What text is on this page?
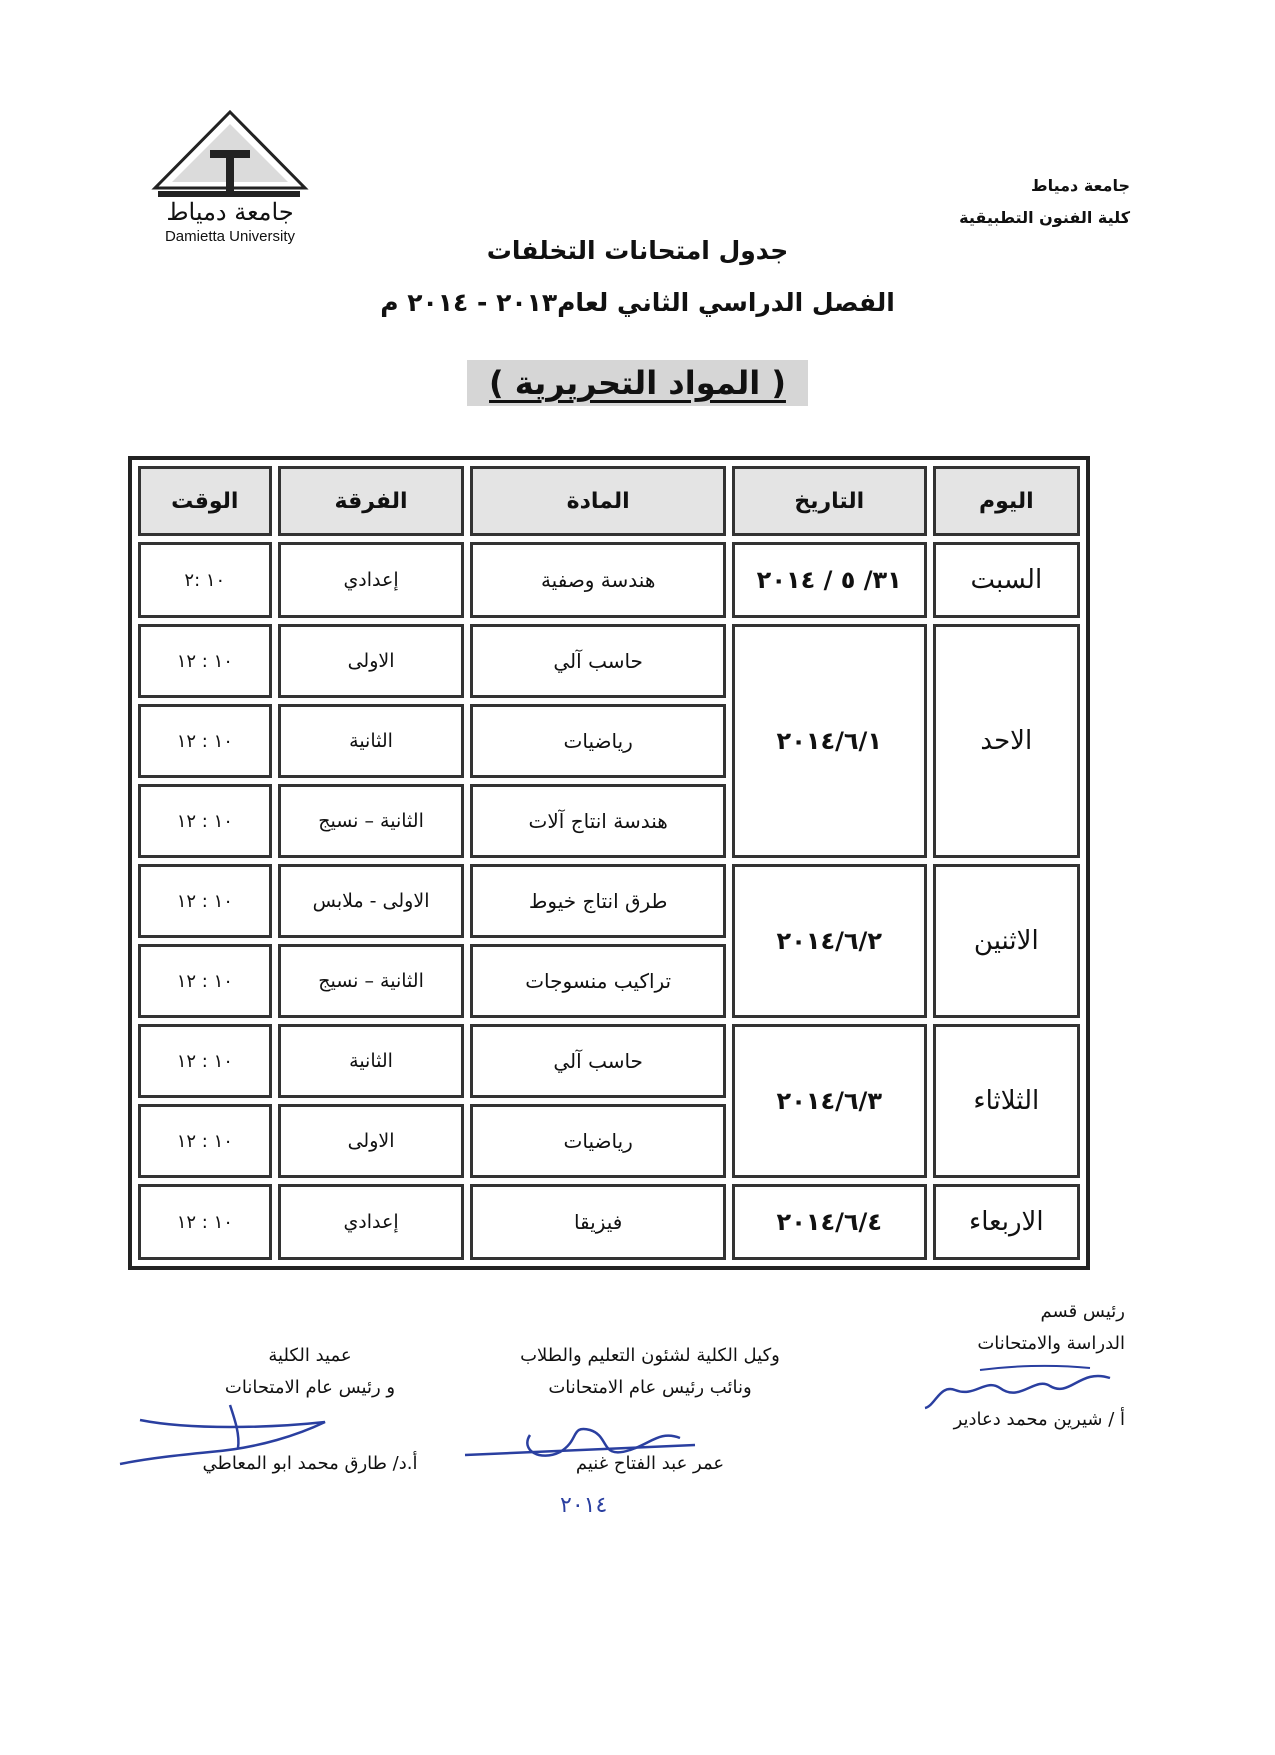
جامعة دمياط
Damietta University
جامعة دمياط
كلية الفنون التطبيقية
جدول امتحانات التخلفات
الفصل الدراسي الثاني لعام٢٠١٣ - ٢٠١٤ م
( المواد التحريرية )
اليوم	التاريخ	المادة	الفرقة	الوقت
السبت	٣١/ ٥ / ٢٠١٤	هندسة وصفية	إعدادي	١٠ :٢
الاحد	٢٠١٤/٦/١	حاسب آلي	الاولى	١٠ : ١٢
		رياضيات	الثانية	١٠ : ١٢
		هندسة انتاج آلات	الثانية – نسيج	١٠ : ١٢
الاثنين	٢٠١٤/٦/٢	طرق انتاج خيوط	الاولى - ملابس	١٠ : ١٢
		تراكيب منسوجات	الثانية – نسيج	١٠ : ١٢
الثلاثاء	٢٠١٤/٦/٣	حاسب آلي	الثانية	١٠ : ١٢
		رياضيات	الاولى	١٠ : ١٢
الاربعاء	٢٠١٤/٦/٤	فيزيقا	إعدادي	١٠ : ١٢
رئيس قسم
الدراسة والامتحانات
أ / شيرين محمد دعادير
وكيل الكلية لشئون التعليم والطلاب
ونائب رئيس عام الامتحانات
عمر عبد الفتاح غنيم
٢٠١٤
عميد الكلية
و رئيس عام الامتحانات
أ.د/ طارق محمد ابو المعاطي
